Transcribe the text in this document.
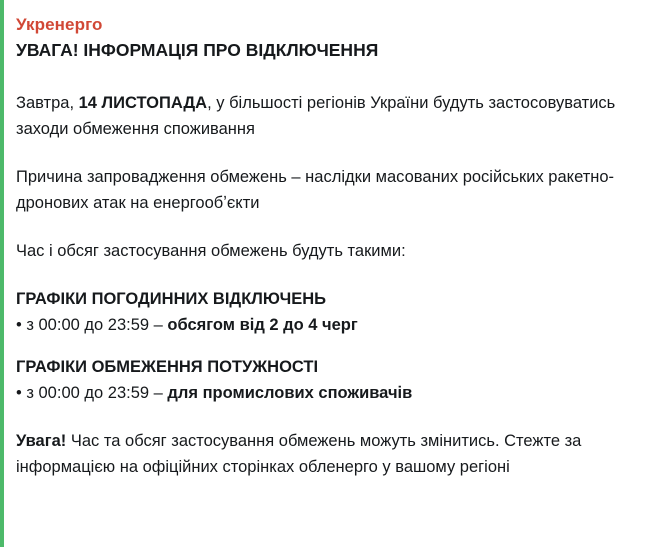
Укренерго
УВАГА! ІНФОРМАЦІЯ ПРО ВІДКЛЮЧЕННЯ

Завтра, 14 ЛИСТОПАДА, у більшості регіонів України будуть застосовуватись заходи обмеження споживання

Причина запровадження обмежень – наслідки масованих російських ракетно-дронових атак на енергообʼєкти

Час і обсяг застосування обмежень будуть такими:

ГРАФІКИ ПОГОДИННИХ ВІДКЛЮЧЕНЬ

• з 00:00 до 23:59 – обсягом від 2 до 4 черг

ГРАФІКИ ОБМЕЖЕННЯ ПОТУЖНОСТІ

• з 00:00 до 23:59 – для промислових споживачів

Увага! Час та обсяг застосування обмежень можуть змінитись. Стежте за інформацією на офіційних сторінках обленерго у вашому регіоні
